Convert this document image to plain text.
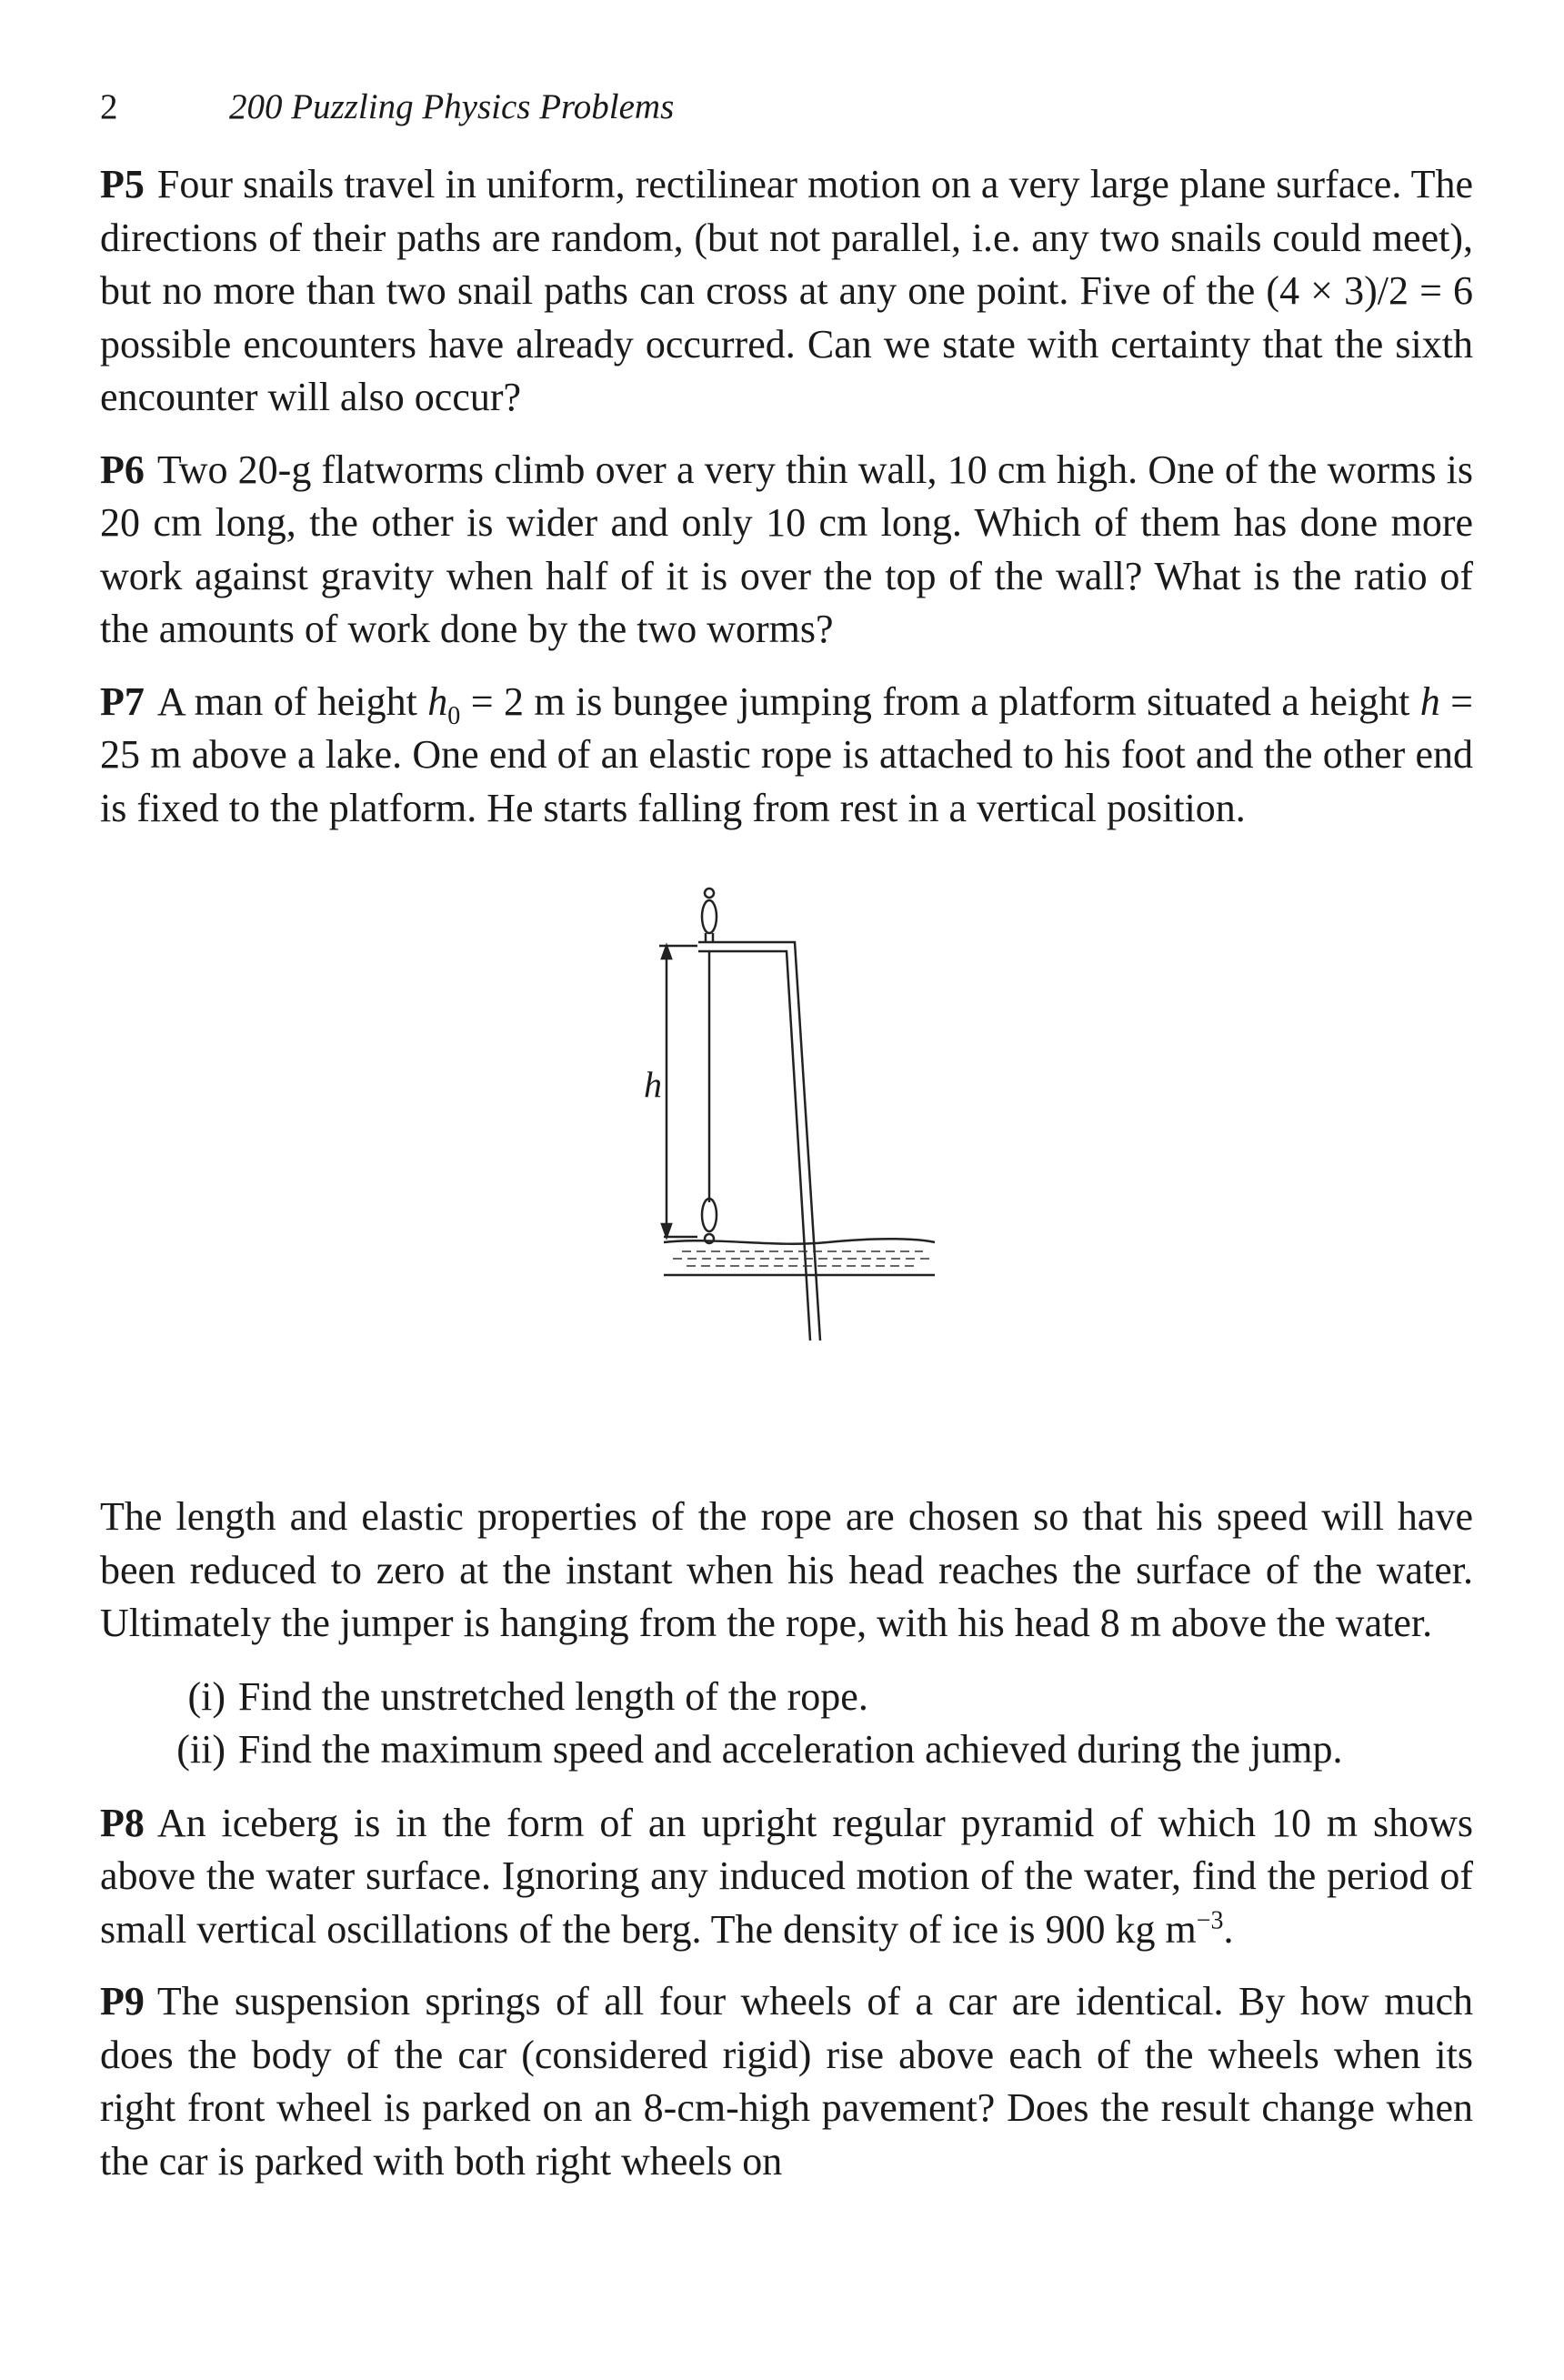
2	200 Puzzling Physics Problems

P5 Four snails travel in uniform, rectilinear motion on a very large plane surface. The directions of their paths are random, (but not parallel, i.e. any two snails could meet), but no more than two snail paths can cross at any one point. Five of the (4 × 3)/2 = 6 possible encounters have already occurred. Can we state with certainty that the sixth encounter will also occur?

P6 Two 20-g flatworms climb over a very thin wall, 10 cm high. One of the worms is 20 cm long, the other is wider and only 10 cm long. Which of them has done more work against gravity when half of it is over the top of the wall? What is the ratio of the amounts of work done by the two worms?

P7 A man of height $h_0 = 2$ m is bungee jumping from a platform situated a height h = 25 m above a lake. One end of an elastic rope is attached to his foot and the other end is fixed to the platform. He starts falling from rest in a vertical position.

h

The length and elastic properties of the rope are chosen so that his speed will have been reduced to zero at the instant when his head reaches the surface of the water. Ultimately the jumper is hanging from the rope, with his head 8 m above the water.

(i) Find the unstretched length of the rope.
(ii) Find the maximum speed and acceleration achieved during the jump.

P8 An iceberg is in the form of an upright regular pyramid of which 10 m shows above the water surface. Ignoring any induced motion of the water, find the period of small vertical oscillations of the berg. The density of ice is 900 kg $m^{-3}$.

P9 The suspension springs of all four wheels of a car are identical. By how much does the body of the car (considered rigid) rise above each of the wheels when its right front wheel is parked on an 8-cm-high pavement? Does the result change when the car is parked with both right wheels on
